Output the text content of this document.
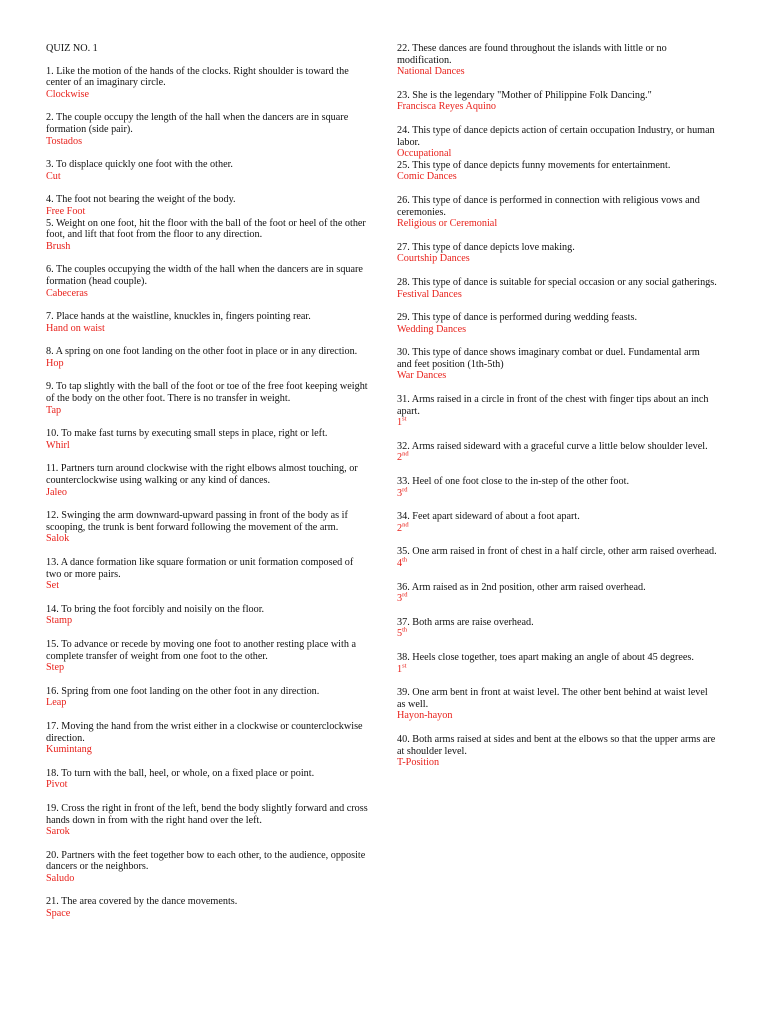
QUIZ NO. 1

1. Like the motion of the hands of the clocks. Right shoulder is toward the center of an imaginary circle.

Clockwise

2. The couple occupy the length of the hall when the dancers are in square formation (side pair).

Tostados

3. To displace quickly one foot with the other.

Cut

4. The foot not bearing the weight of the body.

Free Foot

5. Weight on one foot, hit the floor with the ball of the foot or heel of the other foot, and lift that foot from the floor to any direction.

Brush

6. The couples occupying the width of the hall when the dancers are in square formation (head couple).

Cabeceras

7. Place hands at the waistline, knuckles in, fingers pointing rear.

Hand on waist

8. A spring on one foot landing on the other foot in place or in any direction.

Hop

9. To tap slightly with the ball of the foot or toe of the free foot keeping weight of the body on the other foot. There is no transfer in weight.

Tap

10. To make fast turns by executing small steps in place, right or left.

Whirl

11. Partners turn around clockwise with the right elbows almost touching, or counterclockwise using walking or any kind of dances.

Jaleo

12. Swinging the arm downward-upward passing in front of the body as if scooping, the trunk is bent forward following the movement of the arm.

Salok

13. A dance formation like square formation or unit formation composed of two or more pairs.

Set

14. To bring the foot forcibly and noisily on the floor.

Stamp

15. To advance or recede by moving one foot to another resting place with a complete transfer of weight from one foot to the other.

Step

16. Spring from one foot landing on the other foot in any direction.

Leap

17. Moving the hand from the wrist either in a clockwise or counterclockwise direction.

Kumintang

18. To turn with the ball, heel, or whole, on a fixed place or point.

Pivot

19. Cross the right in front of the left, bend the body slightly forward and cross hands down in from with the right hand over the left.

Sarok

20. Partners with the feet together bow to each other, to the audience, opposite dancers or the neighbors.

Saludo

21. The area covered by the dance movements.

Space

22. These dances are found throughout the islands with little or no modification.

National Dances

23. She is the legendary "Mother of Philippine Folk Dancing."

Francisca Reyes Aquino

24. This type of dance depicts action of certain occupation Industry, or human labor.

Occupational

25. This type of dance depicts funny movements for entertainment.

Comic Dances

26. This type of dance is performed in connection with religious vows and ceremonies.

Religious or Ceremonial

27. This type of dance depicts love making.

Courtship Dances

28. This type of dance is suitable for special occasion or any social gatherings.

Festival Dances

29. This type of dance is performed during wedding feasts.

Wedding Dances

30. This type of dance shows imaginary combat or duel. Fundamental arm and feet position (1th-5th)

War Dances

31. Arms raised in a circle in front of the chest with finger tips about an inch apart.

1st

32. Arms raised sideward with a graceful curve a little below shoulder level.

2nd

33. Heel of one foot close to the in-step of the other foot.

3rd

34. Feet apart sideward of about a foot apart.

2nd

35. One arm raised in front of chest in a half circle, other arm raised overhead.

4th

36. Arm raised as in 2nd position, other arm raised overhead.

3rd

37. Both arms are raise overhead.

5th

38. Heels close together, toes apart making an angle of about 45 degrees.

1st

39. One arm bent in front at waist level. The other bent behind at waist level as well.

Hayon-hayon

40. Both arms raised at sides and bent at the elbows so that the upper arms are at shoulder level.

T-Position
